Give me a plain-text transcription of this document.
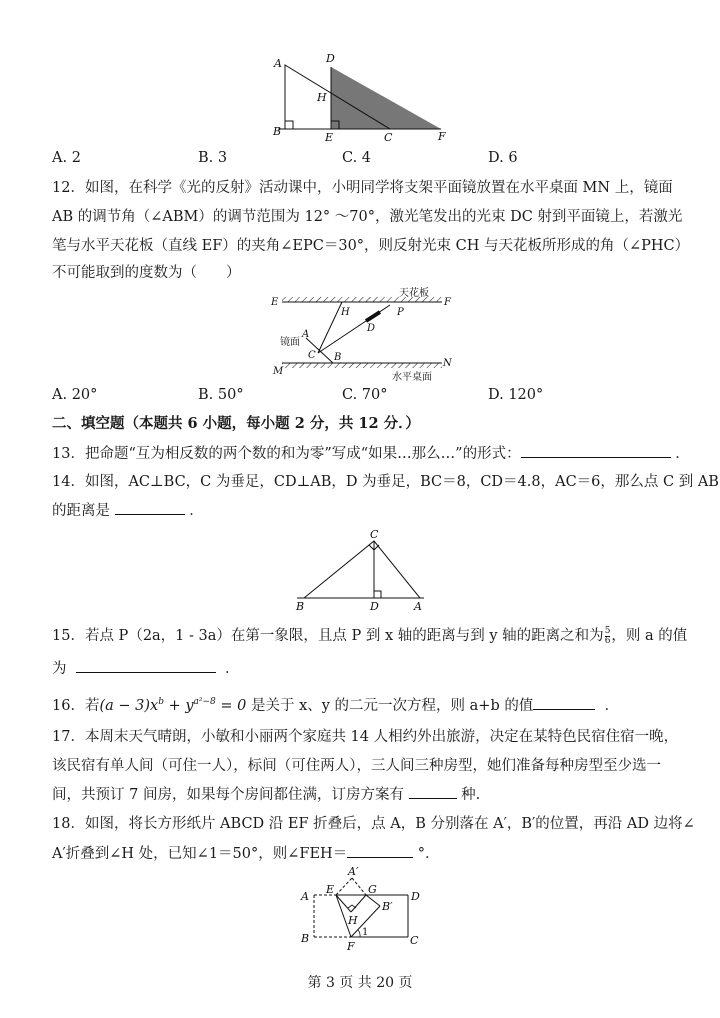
A
B
D
H
E	C	F
A. 2	B. 3	C. 4	D. 6
12．如图，在科学《光的反射》活动课中，小明同学将支架平面镜放置在水平桌面 MN 上，镜面
AB 的调节角（∠ABM）的调节范围为 12° ～70°，激光笔发出的光束 DC 射到平面镜上，若激光
笔与水平天花板（直线 EF）的夹角∠EPC＝30°，则反射光束 CH 与天花板所形成的角（∠PHC）
不可能取到的度数为（　　）
E	F
天花板
H	P
D
A
镜面
C B
M
N
水平桌面
A. 20°	B. 50°	C. 70°	D. 120°
二、填空题（本题共 6 小题，每小题 2 分，共 12 分．）
13．把命题“互为相反数的两个数的和为零”写成“如果…那么…”的形式：	．
14．如图，AC⊥BC，C 为垂足，CD⊥AB，D 为垂足，BC＝8，CD＝4.8，AC＝6，那么点 C 到 AB
的距离是	．
C
B	D	A
15．若点 P（2a，1 - 3a）在第一象限，且点 P 到 x 轴的距离与到 y 轴的距离之和为 $\frac{5}{6}$ ，则 a 的值
为	．
16．若$(a - 3)x^b + y^{a^2-8} = 0$ 是关于 x、y 的二元一次方程，则 a+b 的值	．
17．本周末天气晴朗，小敏和小丽两个家庭共 14 人相约外出旅游，决定在某特色民宿住宿一晚，
该民宿有单人间（可住一人），标间（可住两人），三人间三种房型，她们准备每种房型至少选一
间，共预订 7 间房，如果每个房间都住满，订房方案有	种.
18．如图，将长方形纸片 ABCD 沿 EF 折叠后，点 A，B 分别落在 A′，B′的位置，再沿 AD 边将∠
A′折叠到∠H 处，已知∠1＝50°，则∠FEH＝	°．
A′
E	G
D
A
B′
H
B
F
1
C
第 3 页 共 20 页
